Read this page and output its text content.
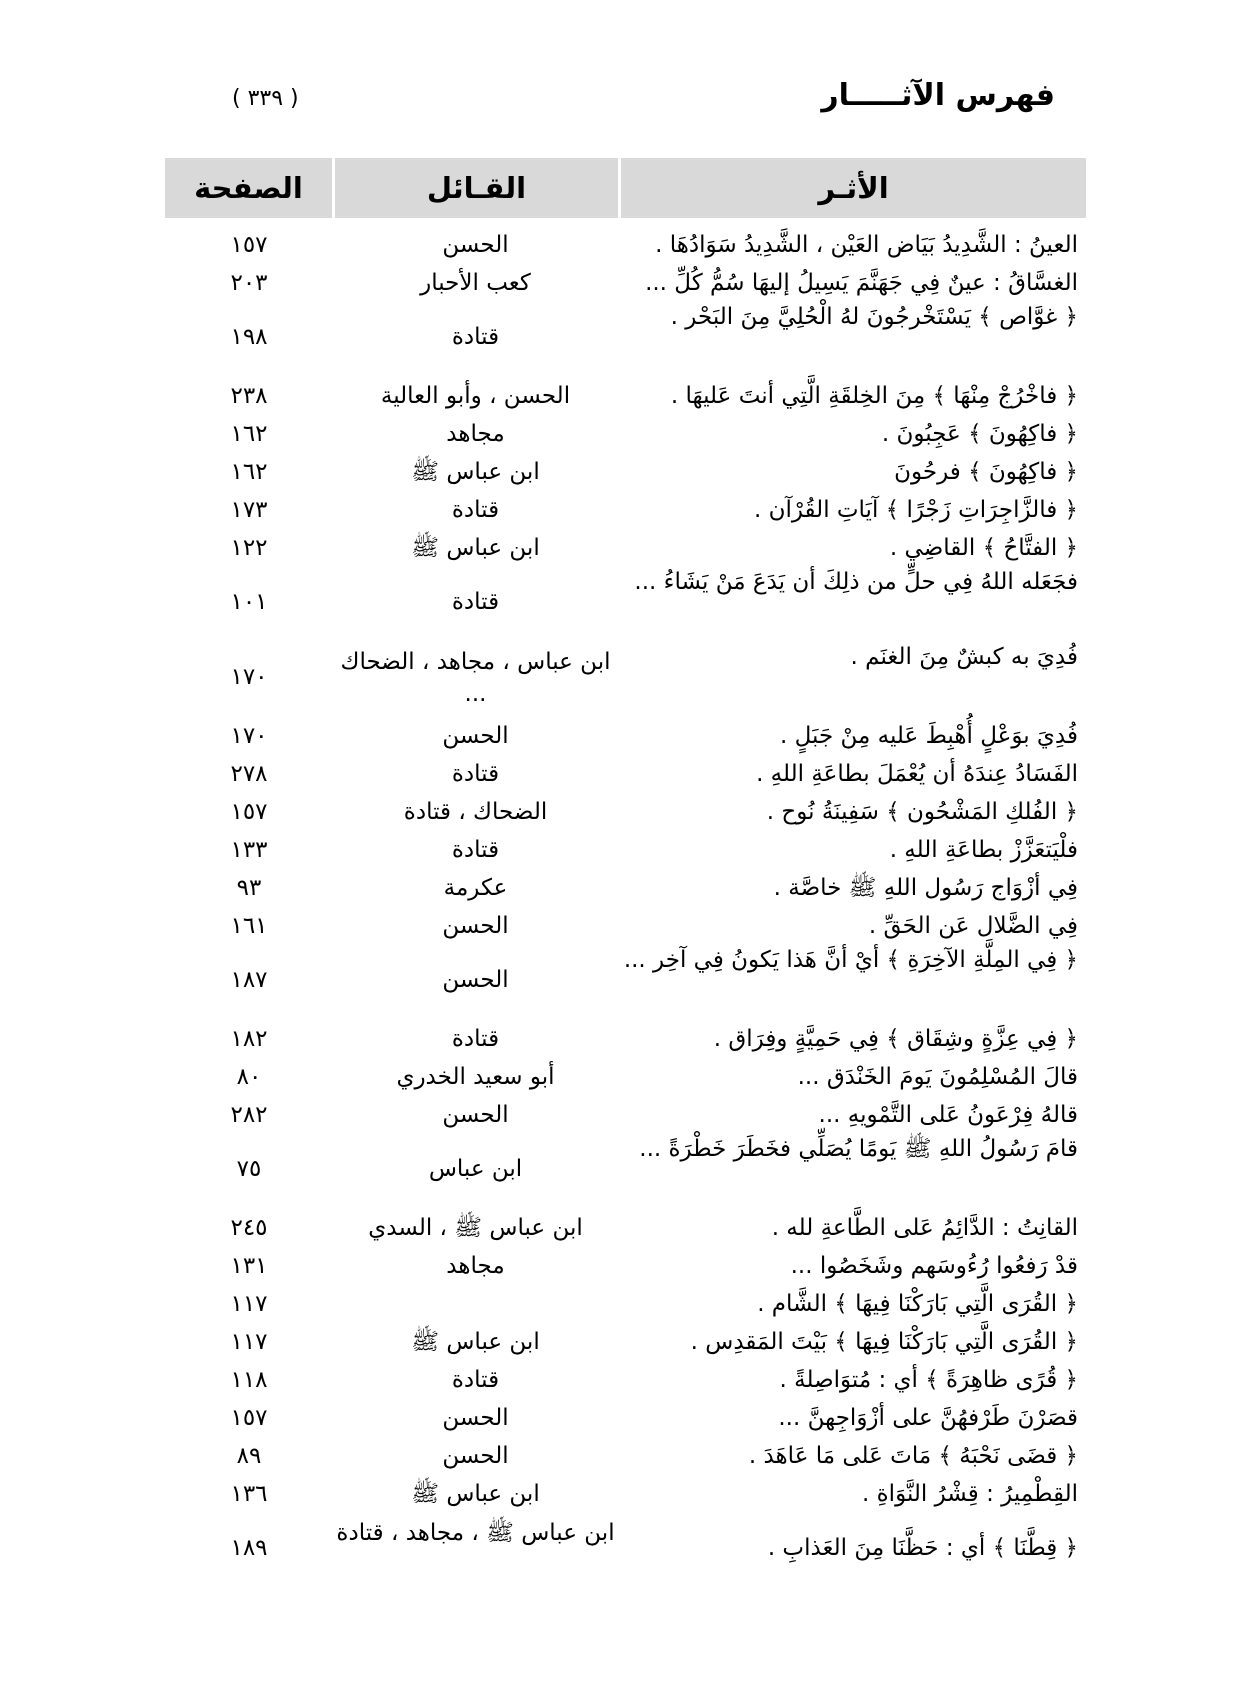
فهرس الآثـــــار
( ٣٣٩ )
الأثـر
القـائل
الصفحة
العينُ : الشَّدِيدُ بَيَاض العَيْن ، الشَّدِيدُ سَوَادُهَا .
الحسن
١٥٧
الغسَّاقُ : عينٌ فِي جَهَنَّمَ يَسِيلُ إليهَا سُمُّ كُلِّ ...
كعب الأحبار
٢٠٣
﴿ غوَّاص ﴾ يَسْتَخْرجُونَ لهُ الْحُلِيَّ مِنَ البَحْر .
قتادة
١٩٨
﴿ فاخْرُجْ مِنْهَا ﴾ مِنَ الخِلقَةِ الَّتِي أنتَ عَليهَا .
الحسن ، وأبو العالية
٢٣٨
﴿ فاكِهُونَ ﴾ عَجِبُونَ .
مجاهد
١٦٢
﴿ فاكِهُونَ ﴾ فرحُونَ
ابن عباس ﷺ
١٦٢
﴿ فالزَّاجِرَاتِ زَجْرًا ﴾ آيَاتِ القُرْآن .
قتادة
١٧٣
﴿ الفتَّاحُ ﴾ القاضِي .
ابن عباس ﷺ
١٢٢
فجَعَله اللهُ فِي حلٍّ من ذلِكَ أن يَدَعَ مَنْ يَشَاءُ ...
قتادة
١٠١
فُدِيَ به كبشٌ مِنَ الغنَم .
ابن عباس ، مجاهد ، الضحاك ...
١٧٠
فُدِيَ بوَعْلٍ أُهْبِطَ عَليه مِنْ جَبَلٍ .
الحسن
١٧٠
الفَسَادُ عِندَهُ أن يُعْمَلَ بطاعَةِ اللهِ .
قتادة
٢٧٨
﴿ الفُلكِ المَشْحُون ﴾ سَفِينَةُ نُوح .
الضحاك ، قتادة
١٥٧
فلْيَتعَزَّزْ بطاعَةِ اللهِ .
قتادة
١٣٣
فِي أزْوَاج رَسُول اللهِ ﷺ خاصَّة .
عكرمة
٩٣
فِي الضَّلال عَن الحَقِّ .
الحسن
١٦١
﴿ فِي المِلَّةِ الآخِرَةِ ﴾ أيْ أنَّ هَذا يَكونُ فِي آخِر ...
الحسن
١٨٧
﴿ فِي عِزَّةٍ وشِقَاق ﴾ فِي حَمِيَّةٍ وفِرَاق .
قتادة
١٨٢
قالَ المُسْلِمُونَ يَومَ الخَنْدَق ...
أبو سعيد الخدري
٨٠
قالهُ فِرْعَونُ عَلى التَّمْويهِ ...
الحسن
٢٨٢
قامَ رَسُولُ اللهِ ﷺ يَومًا يُصَلِّي فخَطَرَ خَطْرَةً ...
ابن عباس
٧٥
القانِتُ : الدَّائِمُ عَلى الطَّاعةِ لله .
ابن عباس ﷺ ، السدي
٢٤٥
قدْ رَفعُوا رُءُوسَهم وشَخَصُوا ...
مجاهد
١٣١
﴿ القُرَى الَّتِي بَارَكْنَا فِيهَا ﴾ الشَّام .
١١٧
﴿ القُرَى الَّتِي بَارَكْنَا فِيهَا ﴾ بَيْتَ المَقدِس .
ابن عباس ﷺ
١١٧
﴿ قُرًى ظاهِرَةً ﴾ أي : مُتوَاصِلةً .
قتادة
١١٨
قصَرْنَ طَرْفهُنَّ على أزْوَاجِهنَّ ...
الحسن
١٥٧
﴿ قضَى نَحْبَهُ ﴾ مَاتَ عَلى مَا عَاهَدَ .
الحسن
٨٩
القِطْمِيرُ : قِشْرُ النَّوَاةِ .
ابن عباس ﷺ
١٣٦
﴿ قِطَّنَا ﴾ أي : حَظَّنَا مِنَ العَذابِ .
ابن عباس ﷺ ، مجاهد ، قتادة
١٨٩
